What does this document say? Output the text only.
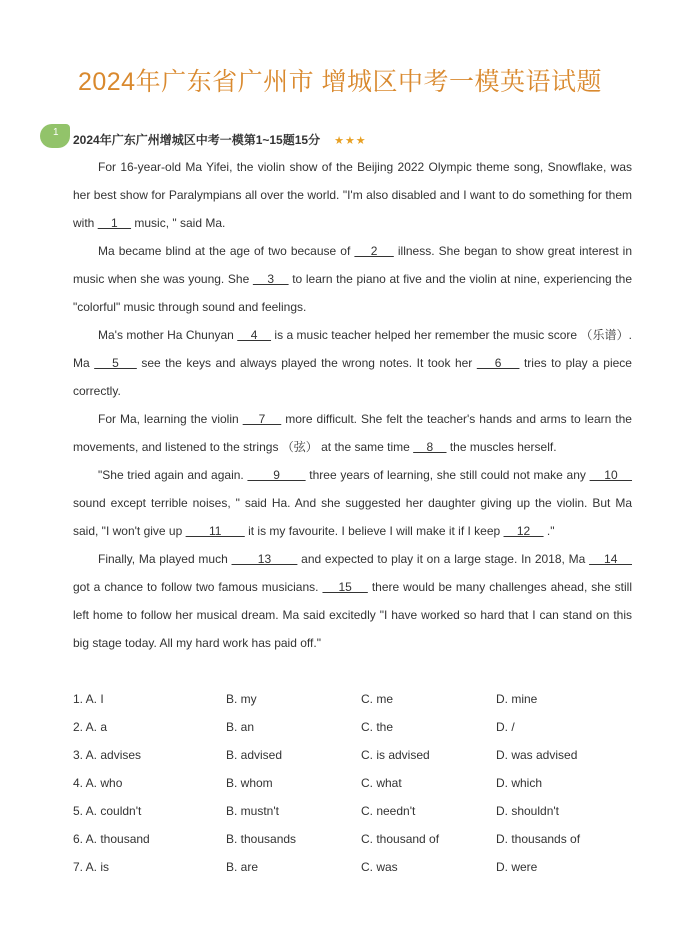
2024年广东省广州市 增城区中考一模英语试题
1
2024年广东广州增城区中考一模第1~15题15分 ★★★

For 16-year-old Ma Yifei, the violin show of the Beijing 2022 Olympic theme song, Snowflake, was her best show for Paralympians all over the world. "I'm also disabled and I want to do something for them with     1     music, " said Ma.

Ma became blind at the age of two because of     2     illness. She began to show great interest in music when she was young. She     3     to learn the piano at five and the violin at nine, experiencing the "colorful" music through sound and feelings.

Ma's mother Ha Chunyan     4     is a music teacher helped her remember the music score （乐谱）. Ma     5     see the keys and always played the wrong notes. It took her     6     tries to play a piece correctly.

For Ma, learning the violin     7     more difficult. She felt the teacher's hands and arms to learn the movements, and listened to the strings （弦） at the same time     8     the muscles herself.

"She tried again and again.        9        three years of learning, she still could not make any     10     sound except terrible noises, " said Ha. And she suggested her daughter giving up the violin. But Ma said, "I won't give up        11        it is my favourite. I believe I will make it if I keep     12     ."

Finally, Ma played much        13        and expected to play it on a large stage. In 2018, Ma     14     got a chance to follow two famous musicians.     15     there would be many challenges ahead, she still left home to follow her musical dream. Ma said excitedly "I have worked so hard that I can stand on this big stage today. All my hard work has paid off."

1. A. I	B. my	C. me	D. mine
2. A. a	B. an	C. the	D. /
3. A. advises	B. advised	C. is advised	D. was advised
4. A. who	B. whom	C. what	D. which
5. A. couldn't	B. mustn't	C. needn't	D. shouldn't
6. A. thousand	B. thousands	C. thousand of	D. thousands of
7. A. is	B. are	C. was	D. were
